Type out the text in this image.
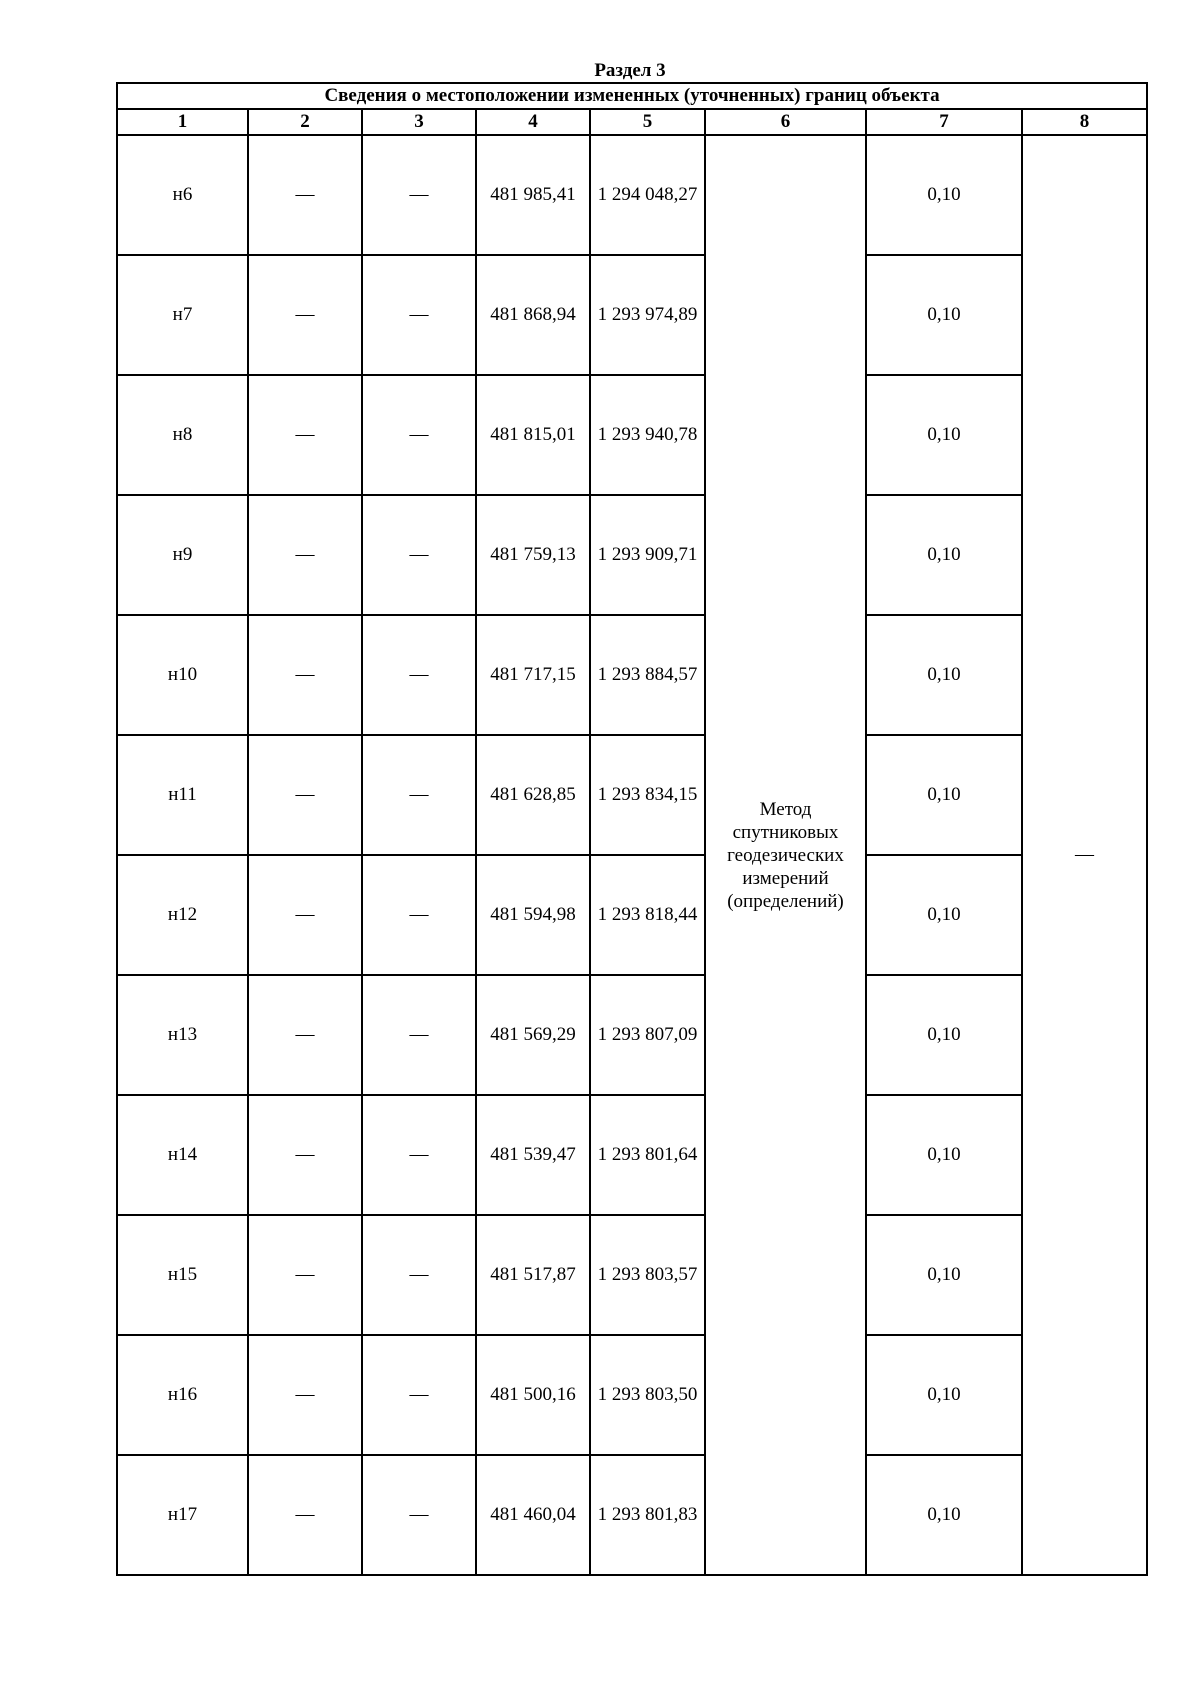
Раздел 3
Сведения о местоположении измененных (уточненных) границ объекта							
1	2	3	4	5	6	7	8
н6	—	—	481 985,41	1 294 048,27	Метод спутниковых геодезических измерений (определений)	0,10	—
н7	—	—	481 868,94	1 293 974,89		0,10	
н8	—	—	481 815,01	1 293 940,78		0,10	
н9	—	—	481 759,13	1 293 909,71		0,10	
н10	—	—	481 717,15	1 293 884,57		0,10	
н11	—	—	481 628,85	1 293 834,15		0,10	
н12	—	—	481 594,98	1 293 818,44		0,10	
н13	—	—	481 569,29	1 293 807,09		0,10	
н14	—	—	481 539,47	1 293 801,64		0,10	
н15	—	—	481 517,87	1 293 803,57		0,10	
н16	—	—	481 500,16	1 293 803,50		0,10	
н17	—	—	481 460,04	1 293 801,83		0,10	
